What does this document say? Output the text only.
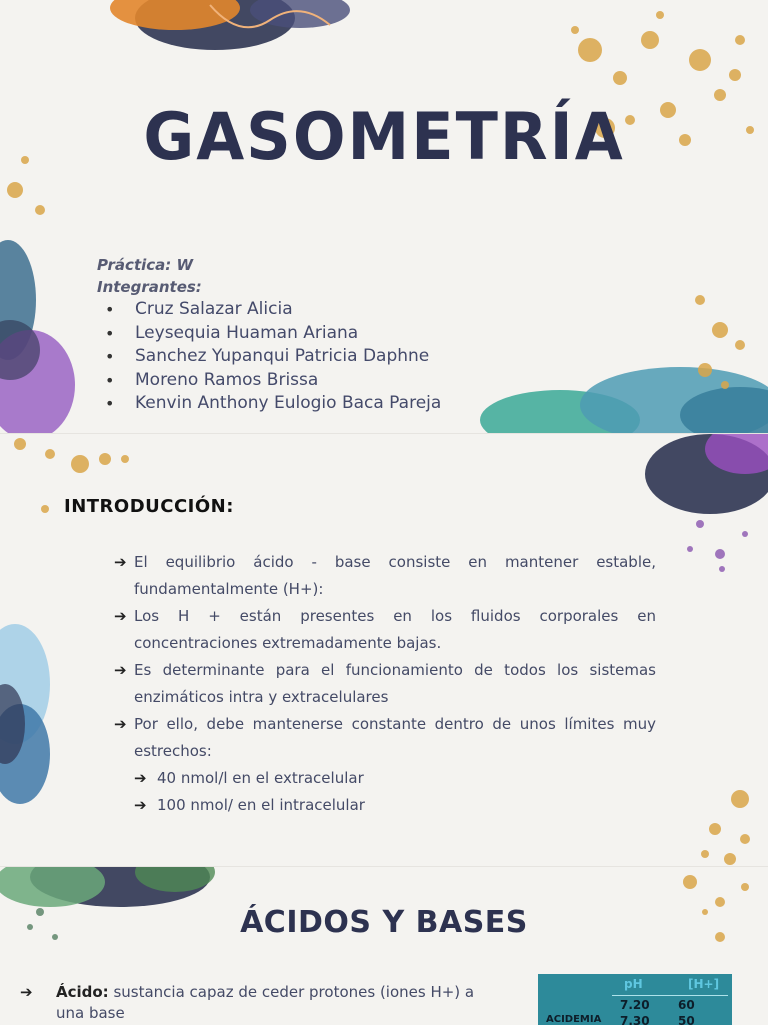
GASOMETRÍA
Práctica: W
Integrantes:
• Cruz Salazar Alicia
• Leysequia Huaman Ariana
• Sanchez Yupanqui Patricia Daphne
• Moreno Ramos Brissa
• Kenvin Anthony Eulogio Baca Pareja
INTRODUCCIÓN:
➔ El equilibrio ácido - base consiste en mantener estable, fundamentalmente (H+):
➔ Los H + están presentes en los fluidos corporales en concentraciones extremadamente bajas.
➔ Es determinante para el funcionamiento de todos los sistemas enzimáticos intra y extracelulares
➔ Por ello, debe mantenerse constante dentro de unos límites muy estrechos:
➔ 40 nmol/l en el extracelular
➔ 100 nmol/ en el intracelular
ÁCIDOS Y BASES
➔	Ácido: sustancia capaz de ceder protones (iones H+) a una base
pH	[H+]
7.20 60
ACIDEMIA 7.30 50
